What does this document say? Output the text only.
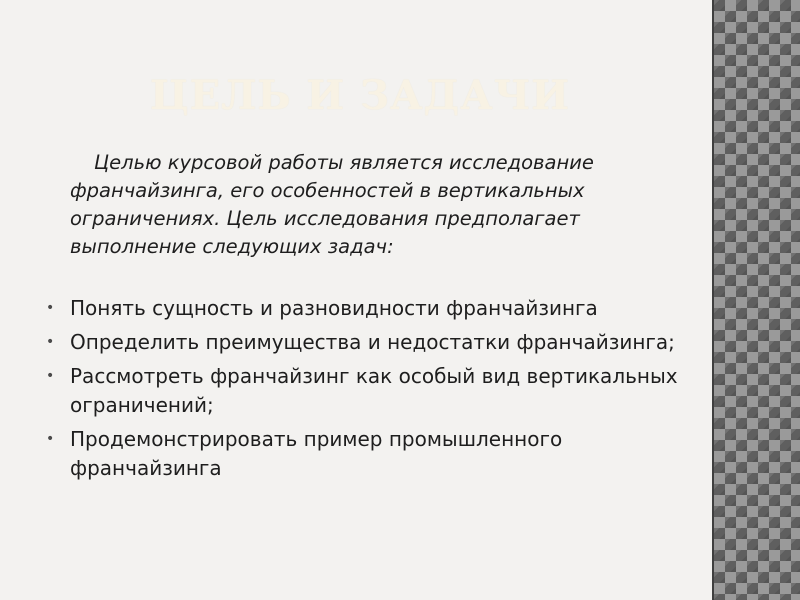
ЦЕЛЬ И ЗАДАЧИ

Целью курсовой работы является исследование франчайзинга, его особенностей в вертикальных ограничениях. Цель исследования предполагает выполнение следующих задач:

• Понять сущность и разновидности франчайзинга
• Определить преимущества и недостатки франчайзинга;
• Рассмотреть франчайзинг как особый вид вертикальных ограничений;
• Продемонстрировать пример промышленного франчайзинга
